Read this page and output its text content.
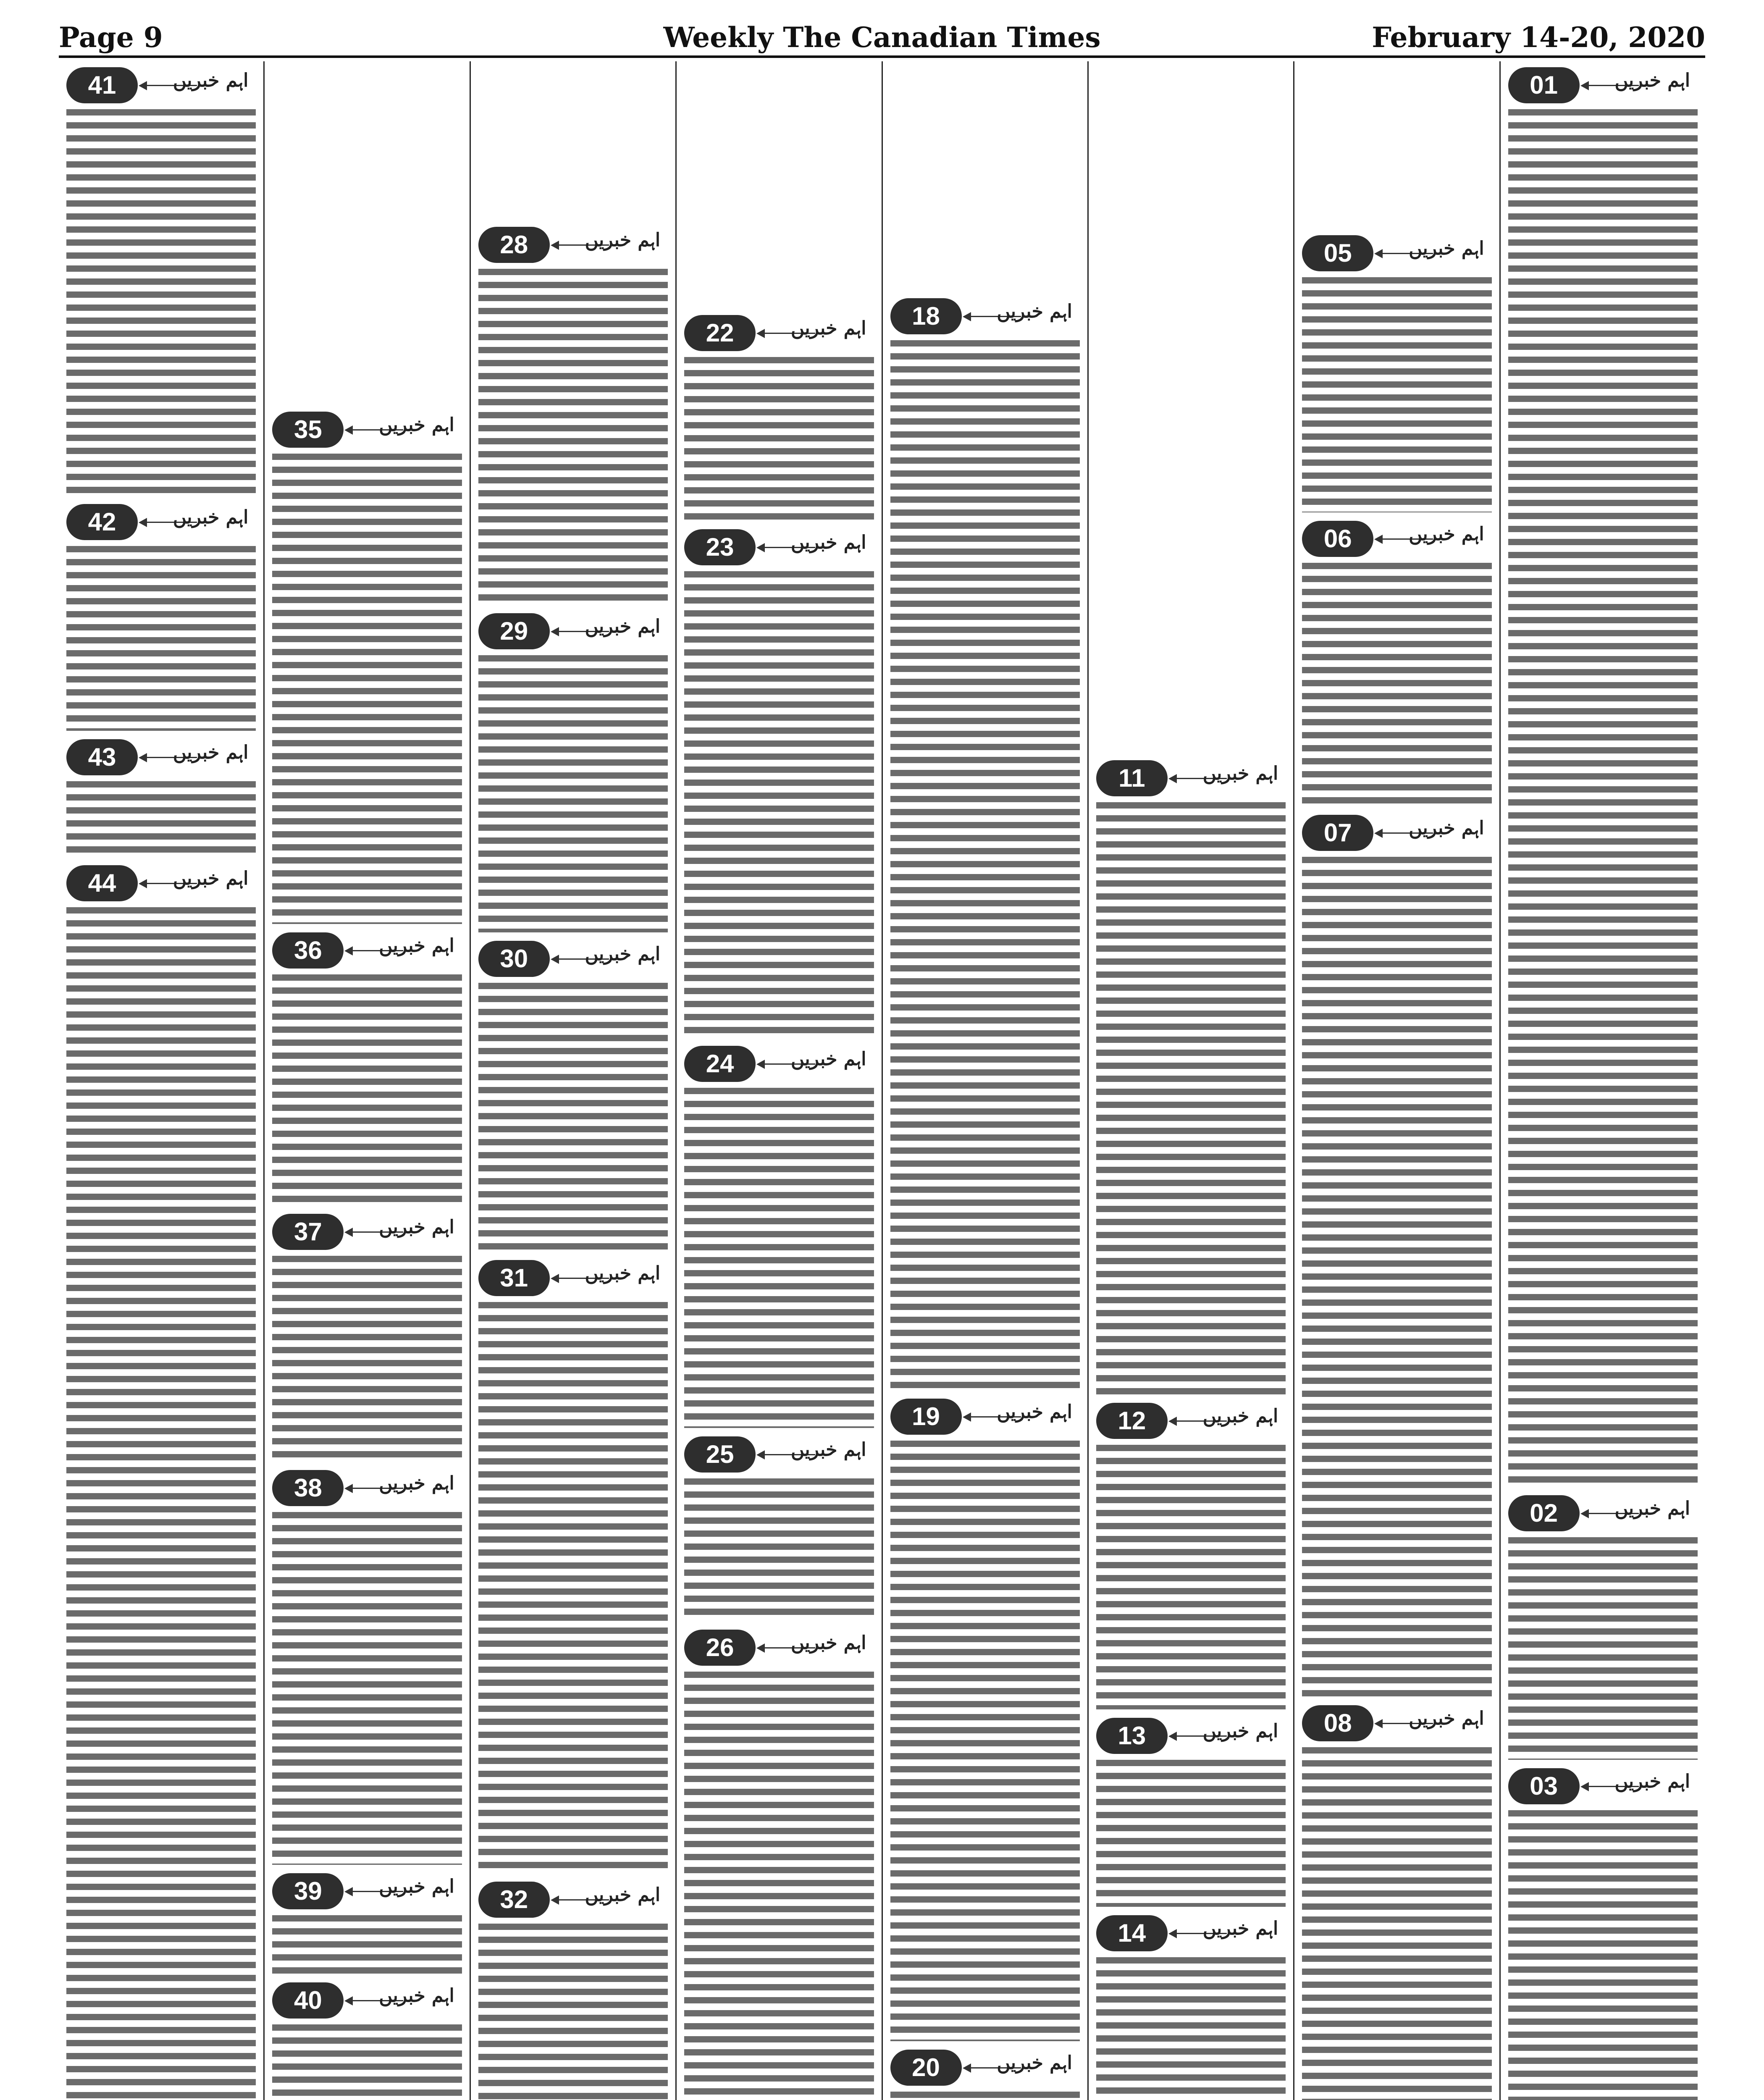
Page 9	Weekly The Canadian Times	February 14-20, 2020
01	ﺍﮨﻢ ﺧﺒﺮﯾﮟ
02	ﺍﮨﻢ ﺧﺒﺮﯾﮟ
03	ﺍﮨﻢ ﺧﺒﺮﯾﮟ
05	ﺍﮨﻢ ﺧﺒﺮﯾﮟ
06	ﺍﮨﻢ ﺧﺒﺮﯾﮟ
07	ﺍﮨﻢ ﺧﺒﺮﯾﮟ
08	ﺍﮨﻢ ﺧﺒﺮﯾﮟ
11	ﺍﮨﻢ ﺧﺒﺮﯾﮟ
12	ﺍﮨﻢ ﺧﺒﺮﯾﮟ
13	ﺍﮨﻢ ﺧﺒﺮﯾﮟ
14	ﺍﮨﻢ ﺧﺒﺮﯾﮟ
18	ﺍﮨﻢ ﺧﺒﺮﯾﮟ
19	ﺍﮨﻢ ﺧﺒﺮﯾﮟ
20	ﺍﮨﻢ ﺧﺒﺮﯾﮟ
22	ﺍﮨﻢ ﺧﺒﺮﯾﮟ
23	ﺍﮨﻢ ﺧﺒﺮﯾﮟ
24	ﺍﮨﻢ ﺧﺒﺮﯾﮟ
25	ﺍﮨﻢ ﺧﺒﺮﯾﮟ
26	ﺍﮨﻢ ﺧﺒﺮﯾﮟ
28	ﺍﮨﻢ ﺧﺒﺮﯾﮟ
29	ﺍﮨﻢ ﺧﺒﺮﯾﮟ
30	ﺍﮨﻢ ﺧﺒﺮﯾﮟ
31	ﺍﮨﻢ ﺧﺒﺮﯾﮟ
32	ﺍﮨﻢ ﺧﺒﺮﯾﮟ
35	ﺍﮨﻢ ﺧﺒﺮﯾﮟ
36	ﺍﮨﻢ ﺧﺒﺮﯾﮟ
37	ﺍﮨﻢ ﺧﺒﺮﯾﮟ
38	ﺍﮨﻢ ﺧﺒﺮﯾﮟ
39	ﺍﮨﻢ ﺧﺒﺮﯾﮟ
40	ﺍﮨﻢ ﺧﺒﺮﯾﮟ
41	ﺍﮨﻢ ﺧﺒﺮﯾﮟ
42	ﺍﮨﻢ ﺧﺒﺮﯾﮟ
43	ﺍﮨﻢ ﺧﺒﺮﯾﮟ
44	ﺍﮨﻢ ﺧﺒﺮﯾﮟ
